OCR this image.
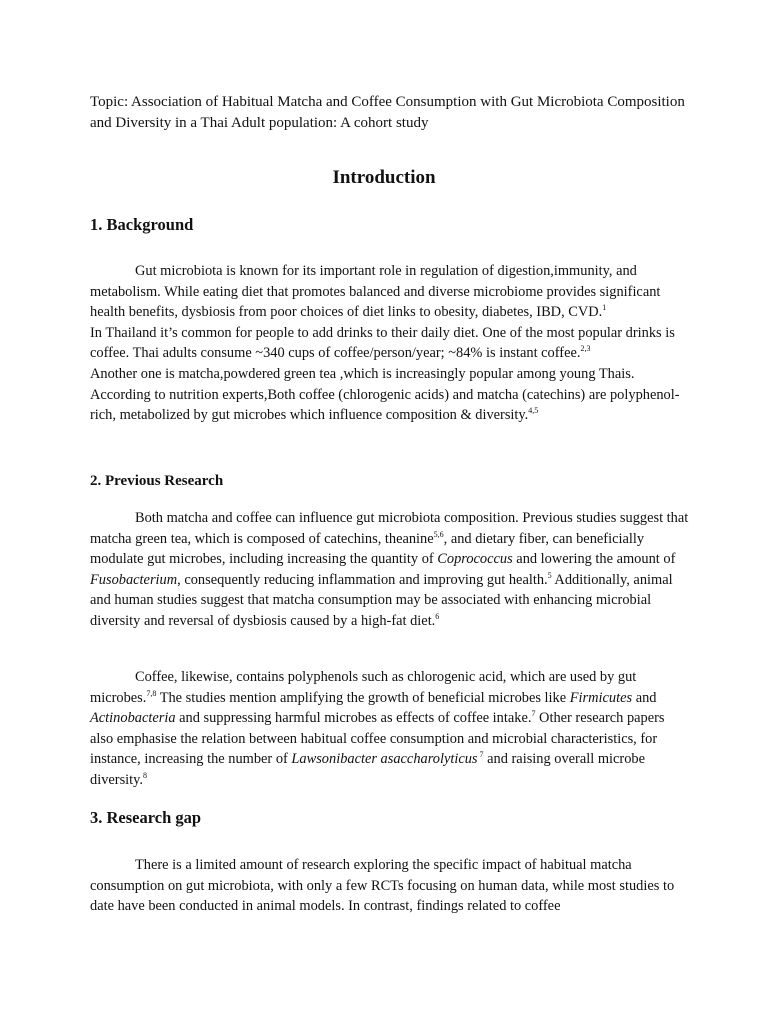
Topic: Association of Habitual Matcha and Coffee Consumption with Gut Microbiota Composition and Diversity in a Thai Adult population: A cohort study

Introduction
1. Background

Gut microbiota is known for its important role in regulation of digestion,immunity, and metabolism. While eating diet that promotes balanced and diverse microbiome provides significant health benefits, dysbiosis from poor choices of diet links to obesity, diabetes, IBD, CVD.$^1$
In Thailand it’s common for people to add drinks to their daily diet. One of the most popular drinks is coffee. Thai adults consume ~340 cups of coffee/person/year; ~84% is instant coffee.$^{2,3}$
Another one is matcha,powdered green tea ,which is increasingly popular among young Thais. According to nutrition experts,Both coffee (chlorogenic acids) and matcha (catechins) are polyphenol-rich, metabolized by gut microbes which influence composition & diversity.$^{4,5}$

2. Previous Research

Both matcha and coffee can influence gut microbiota composition. Previous studies suggest that matcha green tea, which is composed of catechins, theanine$^{5,6}$, and dietary fiber, can beneficially modulate gut microbes, including increasing the quantity of Coprococcus and lowering the amount of Fusobacterium, consequently reducing inflammation and improving gut health.$^5$ Additionally, animal and human studies suggest that matcha consumption may be associated with enhancing microbial diversity and reversal of dysbiosis caused by a high-fat diet.$^6$

Coffee, likewise, contains polyphenols such as chlorogenic acid, which are used by gut microbes.$^{7,8}$ The studies mention amplifying the growth of beneficial microbes like Firmicutes and Actinobacteria and suppressing harmful microbes as effects of coffee intake.$^7$ Other research papers also emphasise the relation between habitual coffee consumption and microbial characteristics, for instance, increasing the number of Lawsonibacter asaccharolyticus $^7$ and raising overall microbe diversity.$^8$

3. Research gap

There is a limited amount of research exploring the specific impact of habitual matcha consumption on gut microbiota, with only a few RCTs focusing on human data, while most studies to date have been conducted in animal models. In contrast, findings related to coffee
